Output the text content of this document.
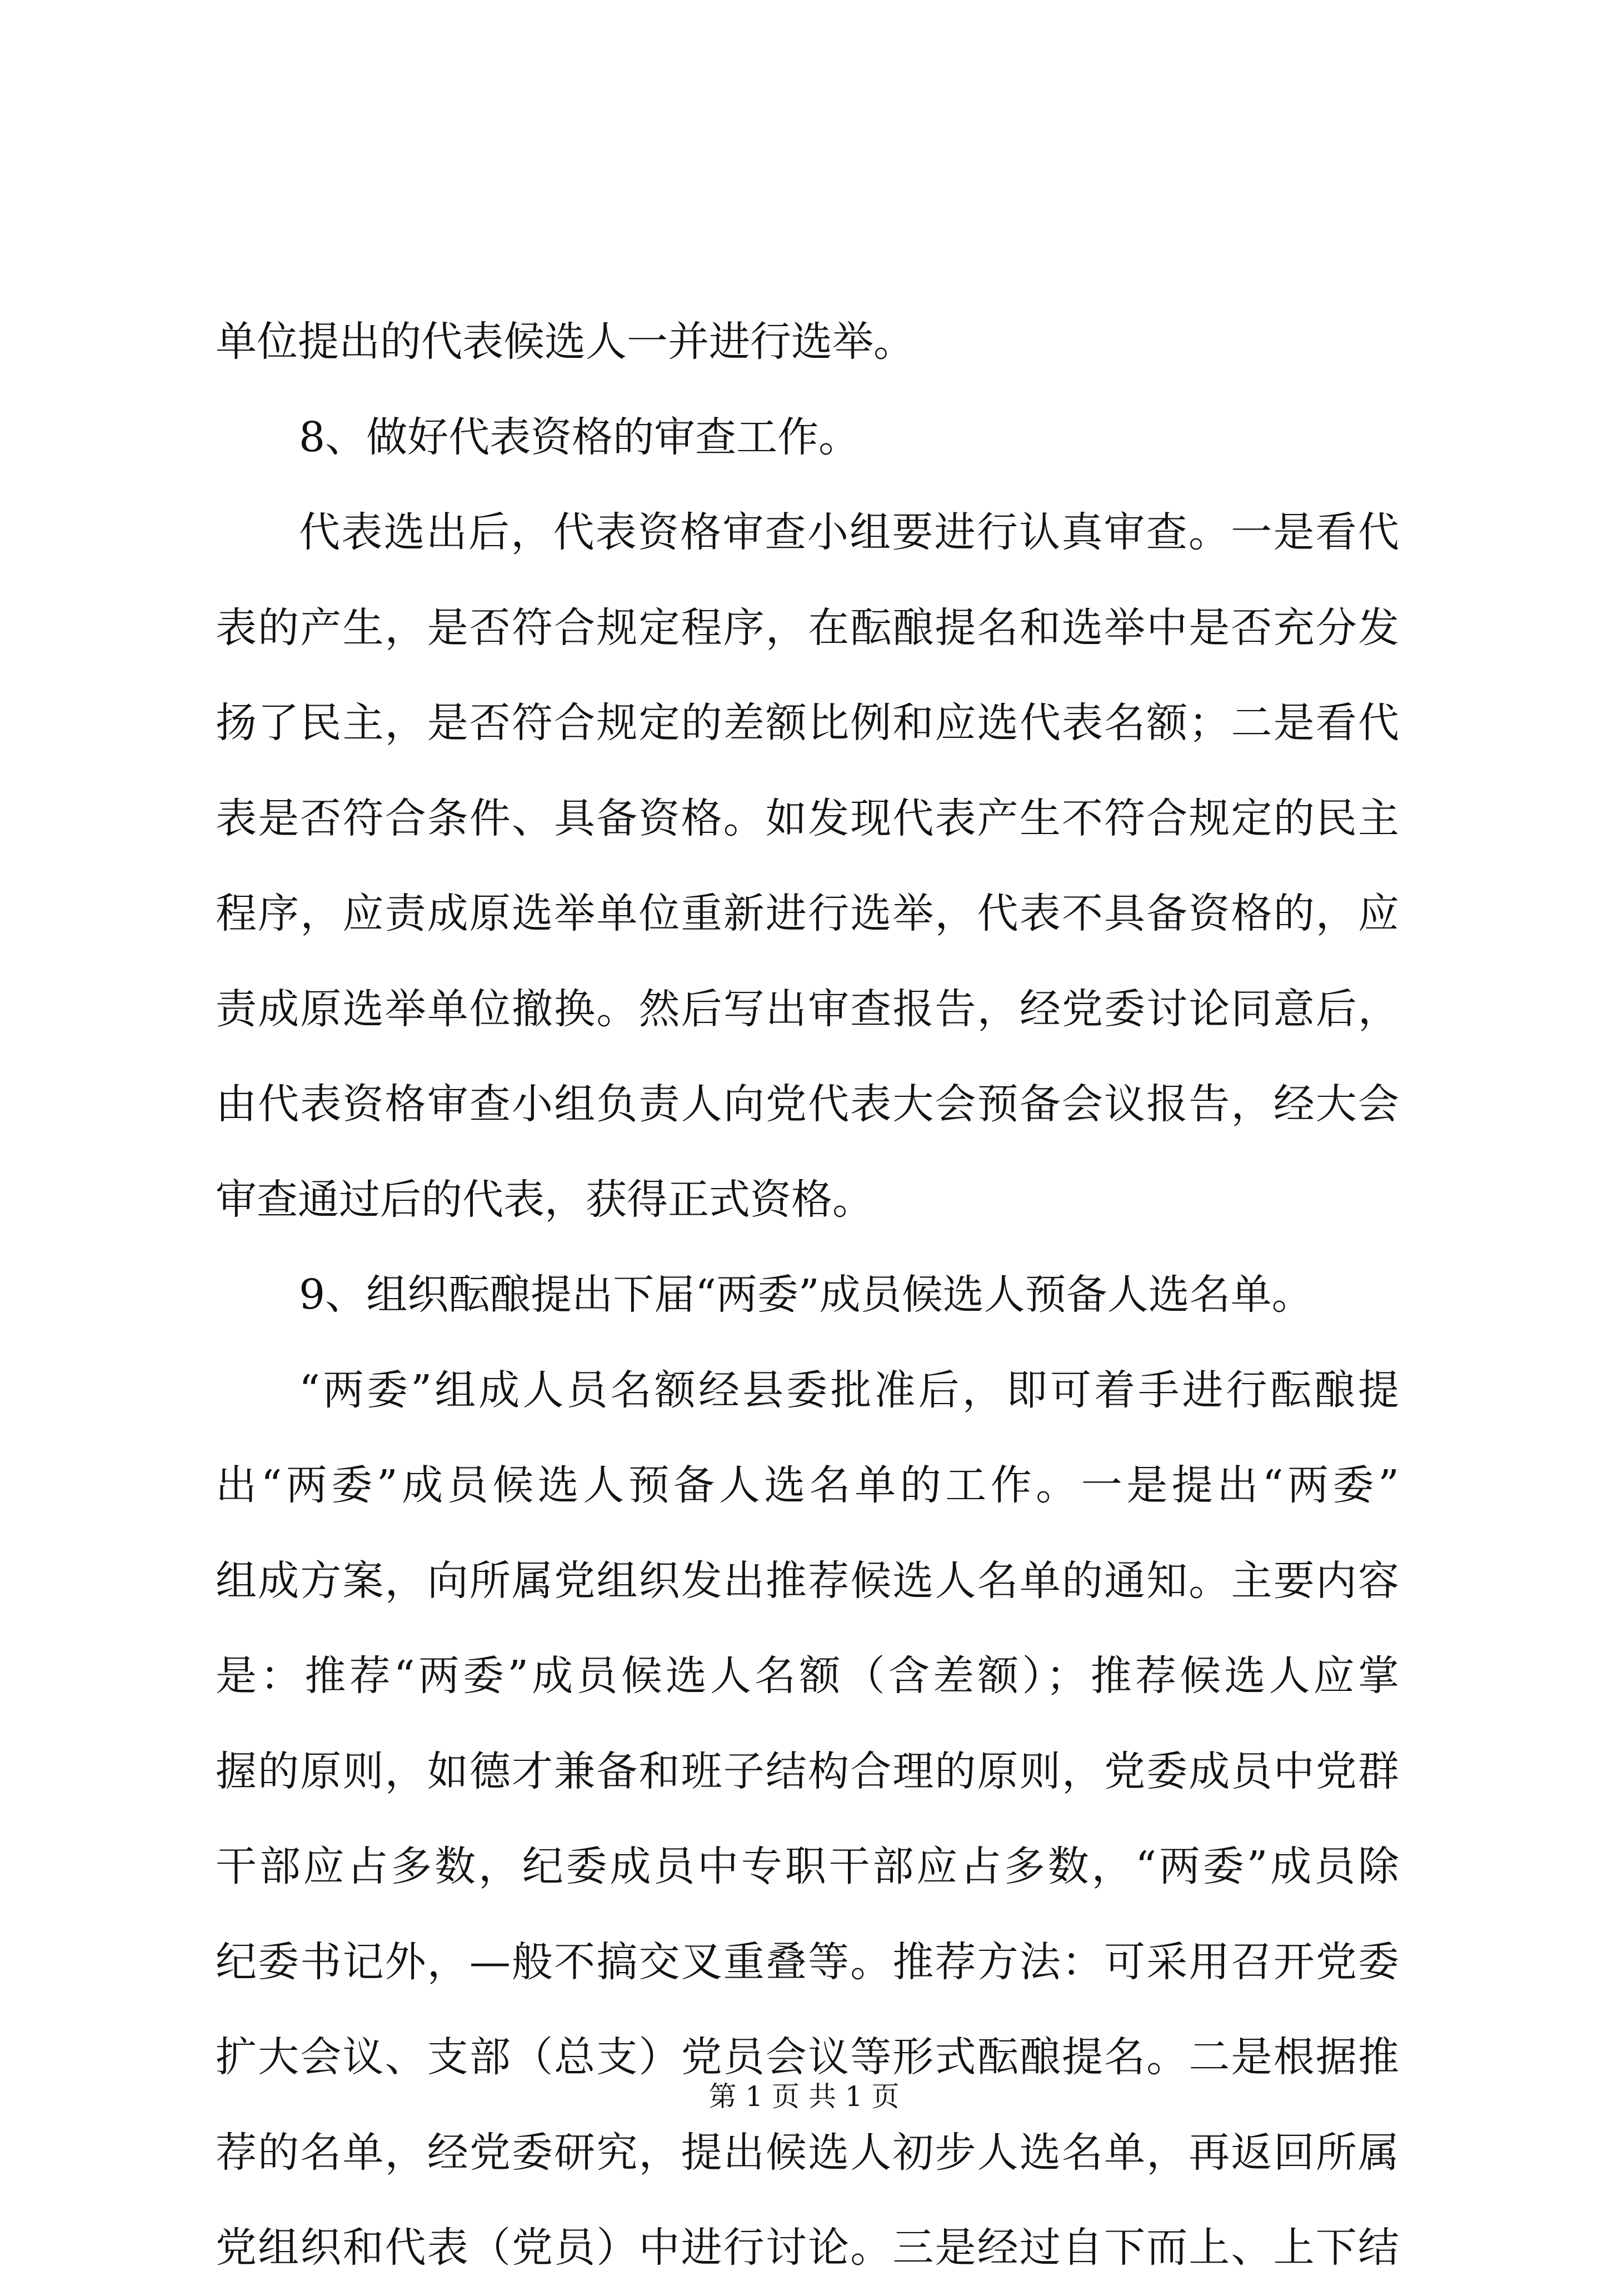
单位提出的代表候选人一并进行选举。
8、做好代表资格的审查工作。
代表选出后，代表资格审查小组要进行认真审查。一是看代
表的产生，是否符合规定程序，在酝酿提名和选举中是否充分发
扬了民主，是否符合规定的差额比例和应选代表名额；二是看代
表是否符合条件、具备资格。如发现代表产生不符合规定的民主
程序，应责成原选举单位重新进行选举，代表不具备资格的，应
责成原选举单位撤换。然后写出审查报告，经党委讨论同意后，
由代表资格审查小组负责人向党代表大会预备会议报告，经大会
审查通过后的代表，获得正式资格。
9、组织酝酿提出下届“两委”成员候选人预备人选名单。
“两委”组成人员名额经县委批准后，即可着手进行酝酿提
出“两委”成员候选人预备人选名单的工作。一是提出“两委”
组成方案，向所属党组织发出推荐候选人名单的通知。主要内容
是：推荐“两委”成员候选人名额（含差额）；推荐候选人应掌
握的原则，如德才兼备和班子结构合理的原则，党委成员中党群
干部应占多数，纪委成员中专职干部应占多数，“两委”成员除
纪委书记外，—般不搞交叉重叠等。推荐方法：可采用召开党委
扩大会议、支部（总支）党员会议等形式酝酿提名。二是根据推
荐的名单，经党委研究，提出候选人初步人选名单，再返回所属
党组织和代表（党员）中进行讨论。三是经过自下而上、上下结
第 1 页 共 1 页
